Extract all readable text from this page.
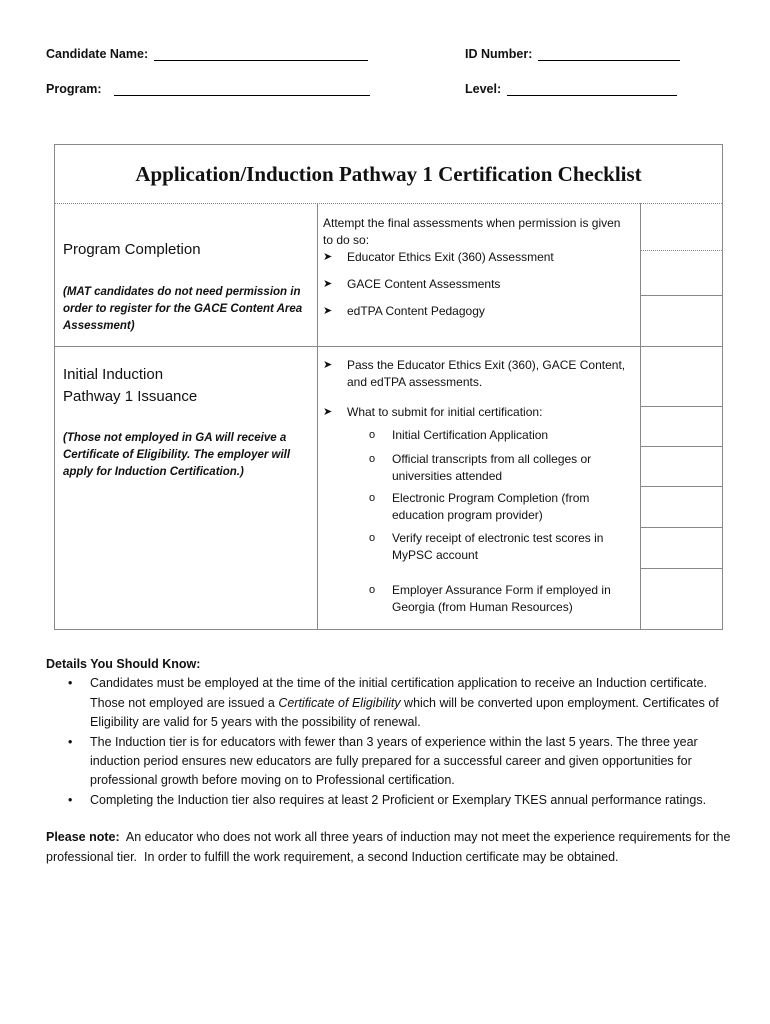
Candidate Name:	ID Number:
Program:	Level:
Application/Induction Pathway 1 Certification Checklist
Program Completion
(MAT candidates do not need permission in order to register for the GACE Content Area Assessment)
Attempt the final assessments when permission is given to do so:
➤ Educator Ethics Exit (360) Assessment
➤ GACE Content Assessments
➤ edTPA Content Pedagogy
Initial Induction
Pathway 1 Issuance
(Those not employed in GA will receive a Certificate of Eligibility. The employer will apply for Induction Certification.)
➤ Pass the Educator Ethics Exit (360), GACE Content, and edTPA assessments.
➤ What to submit for initial certification:
o Initial Certification Application
o Official transcripts from all colleges or universities attended
o Electronic Program Completion (from education program provider)
o Verify receipt of electronic test scores in MyPSC account
o Employer Assurance Form if employed in Georgia (from Human Resources)
Details You Should Know:
• Candidates must be employed at the time of the initial certification application to receive an Induction certificate. Those not employed are issued a Certificate of Eligibility which will be converted upon employment. Certificates of Eligibility are valid for 5 years with the possibility of renewal.
• The Induction tier is for educators with fewer than 3 years of experience within the last 5 years. The three year induction period ensures new educators are fully prepared for a successful career and given opportunities for professional growth before moving on to Professional certification.
• Completing the Induction tier also requires at least 2 Proficient or Exemplary TKES annual performance ratings.

Please note:  An educator who does not work all three years of induction may not meet the experience requirements for the professional tier.  In order to fulfill the work requirement, a second Induction certificate may be obtained.
